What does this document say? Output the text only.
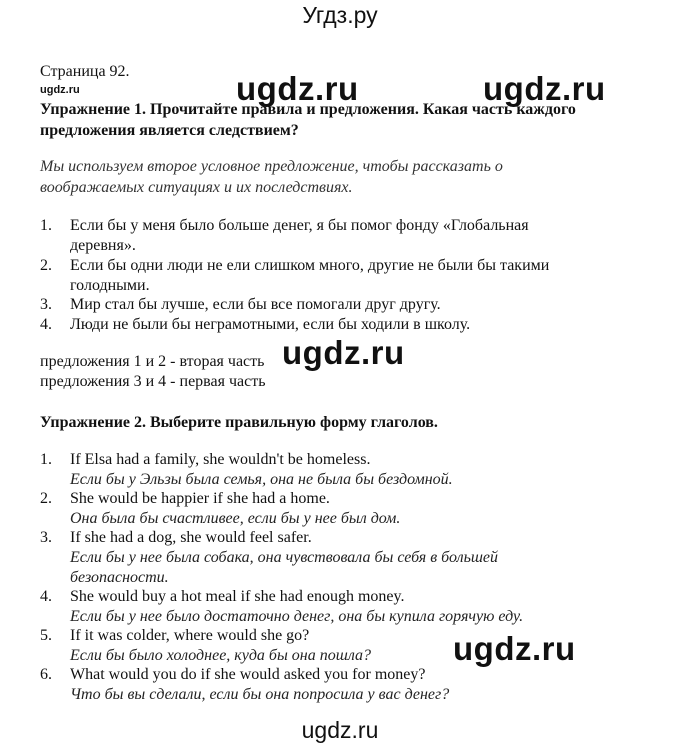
Угдз.ру
Страница 92.
ugdz.ru	ugdz.ru	ugdz.ru
Упражнение 1. Прочитайте правила и предложения. Какая часть каждого предложения является следствием?
Мы используем второе условное предложение, чтобы рассказать о воображаемых ситуациях и их последствиях.
1. Если бы у меня было больше денег, я бы помог фонду «Глобальная деревня».
2. Если бы одни люди не ели слишком много, другие не были бы такими голодными.
3. Мир стал бы лучше, если бы все помогали друг другу.
4. Люди не были бы неграмотными, если бы ходили в школу.
предложения 1 и 2 - вторая часть
предложения 3 и 4 - первая часть
ugdz.ru
Упражнение 2. Выберите правильную форму глаголов.
1. If Elsa had a family, she wouldn't be homeless.
Если бы у Эльзы была семья, она не была бы бездомной.
2. She would be happier if she had a home.
Она была бы счастливее, если бы у нее был дом.
3. If she had a dog, she would feel safer.
Если бы у нее была собака, она чувствовала бы себя в большей безопасности.
4. She would buy a hot meal if she had enough money.
Если бы у нее было достаточно денег, она бы купила горячую еду.
5. If it was colder, where would she go?
Если бы было холоднее, куда бы она пошла?
6. What would you do if she would asked you for money?
Что бы вы сделали, если бы она попросила у вас денег?
ugdz.ru
ugdz.ru
